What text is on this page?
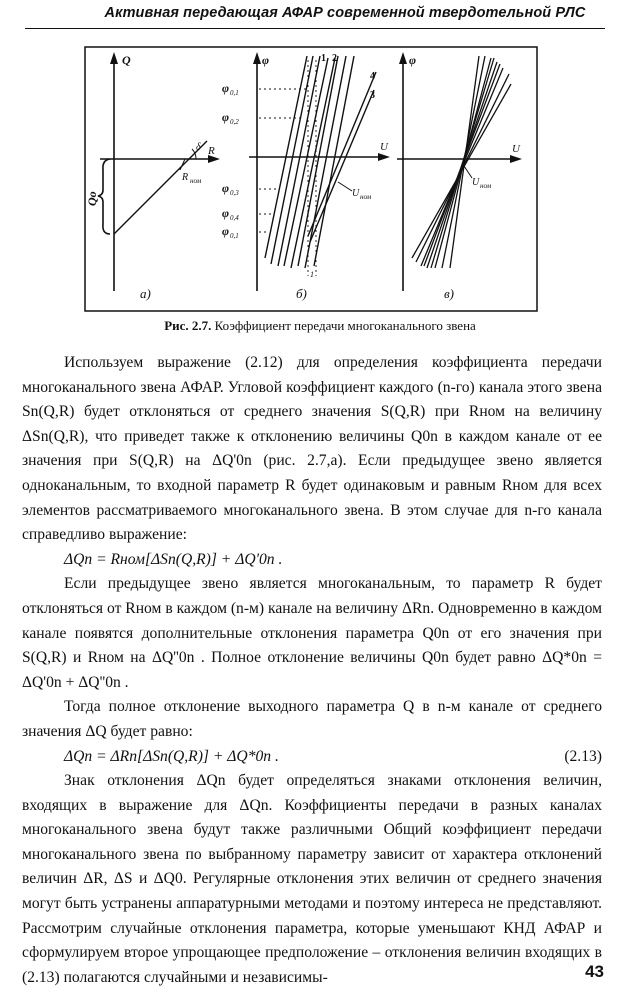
Активная передающая АФАР современной твердотельной РЛС
Q
R
δ
R ном
Qo
а)
φ
U
1 2
3
4
1
φ
φ
φ
φ
φ
0,1
0,2
0,3
0,4
0,1
U ном
б)
φ
U
U ном
в)
Рис. 2.7. Коэффициент передачи многоканального звена

Используем выражение (2.12) для определения коэффициента передачи многоканального звена АФАР. Угловой коэффициент каждого (n-го) канала этого звена Sn(Q,R) будет отклоняться от среднего значения S(Q,R) при Rном на величину ΔSn(Q,R), что приведет также к отклонению величины Q0n в каждом канале от ее значения при S(Q,R) на ΔQ'0n (рис. 2.7,а). Если предыдущее звено является одноканальным, то входной параметр R будет одинаковым и равным Rном для всех элементов рассматриваемого многоканального звена. В этом случае для n-го канала справедливо выражение:

ΔQn = Rном[ΔSn(Q,R)] + ΔQ'0n .

Если предыдущее звено является многоканальным, то параметр R будет отклоняться от Rном в каждом (n-м) канале на величину ΔRn. Одновременно в каждом канале появятся дополнительные отклонения параметра Q0n от его значения при S(Q,R) и Rном на ΔQ''0n . Полное отклонение величины Q0n будет равно ΔQ*0n = ΔQ'0n + ΔQ''0n .

Тогда полное отклонение выходного параметра Q в n-м канале от среднего значения ΔQ будет равно:

(2.13)
ΔQn = ΔRn[ΔSn(Q,R)] + ΔQ*0n .

Знак отклонения ΔQn будет определяться знаками отклонения величин, входящих в выражение для ΔQn. Коэффициенты передачи в разных каналах многоканального звена будут также различными Общий коэффициент передачи многоканального звена по выбранному параметру зависит от характера отклонений величин ΔR, ΔS и ΔQ0. Регулярные отклонения этих величин от среднего значения могут быть устранены аппаратурными методами и поэтому интереса не представляют. Рассмотрим случайные отклонения параметра, которые уменьшают КНД АФАР и сформулируем второе упрощающее предположение – отклонения величин входящих в (2.13) полагаются случайными и независимы-	43
